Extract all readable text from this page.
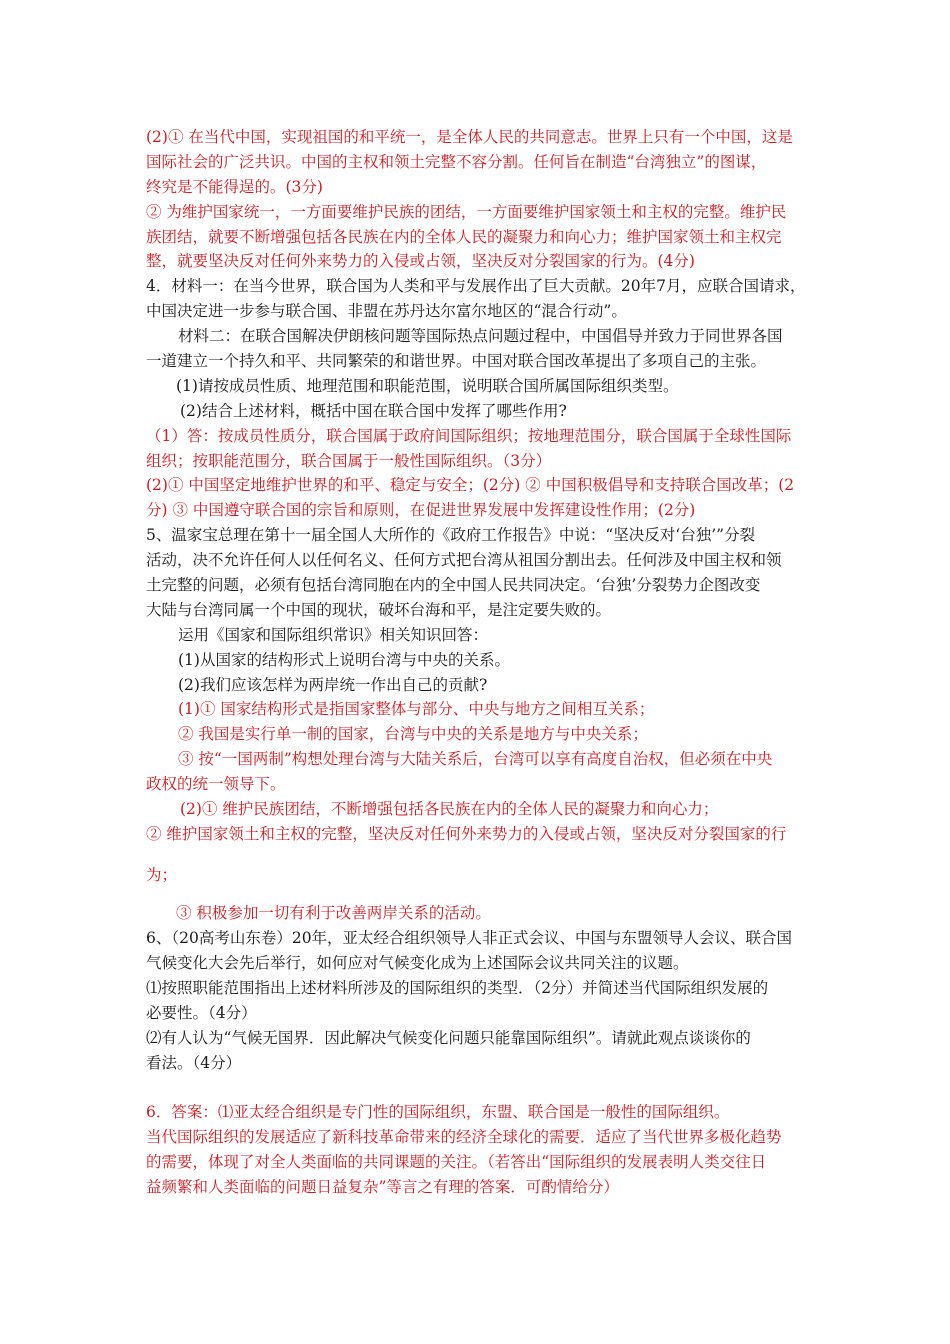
(2)① 在当代中国，实现祖国的和平统一，是全体人民的共同意志。世界上只有一个中国，这是
国际社会的广泛共识。中国的主权和领土完整不容分割。任何旨在制造“台湾独立”的图谋，
终究是不能得逞的。(3分)
② 为维护国家统一，一方面要维护民族的团结，一方面要维护国家领土和主权的完整。维护民
族团结，就要不断增强包括各民族在内的全体人民的凝聚力和向心力；维护国家领土和主权完
整，就要坚决反对任何外来势力的入侵或占领，坚决反对分裂国家的行为。(4分)
4．材料一：在当今世界，联合国为人类和平与发展作出了巨大贡献。20年7月，应联合国请求，
中国决定进一步参与联合国、非盟在苏丹达尔富尔地区的“混合行动”。
材料二：在联合国解决伊朗核问题等国际热点问题过程中，中国倡导并致力于同世界各国
一道建立一个持久和平、共同繁荣的和谐世界。中国对联合国改革提出了多项自己的主张。
(1)请按成员性质、地理范围和职能范围，说明联合国所属国际组织类型。
(2)结合上述材料，概括中国在联合国中发挥了哪些作用?
（1）答：按成员性质分，联合国属于政府间国际组织；按地理范围分，联合国属于全球性国际
组织；按职能范围分，联合国属于一般性国际组织。（3分）
(2)① 中国坚定地维护世界的和平、稳定与安全；(2分) ② 中国积极倡导和支持联合国改革；(2
分) ③ 中国遵守联合国的宗旨和原则，在促进世界发展中发挥建设性作用；(2分)
5、温家宝总理在第十一届全国人大所作的《政府工作报告》中说：“坚决反对‘台独’”分裂
活动，决不允许任何人以任何名义、任何方式把台湾从祖国分割出去。任何涉及中国主权和领
土完整的问题，必须有包括台湾同胞在内的全中国人民共同决定。‘台独’分裂势力企图改变
大陆与台湾同属一个中国的现状，破坏台海和平，是注定要失败的。
运用《国家和国际组织常识》相关知识回答：
(1)从国家的结构形式上说明台湾与中央的关系。
(2)我们应该怎样为两岸统一作出自己的贡献?
(1)① 国家结构形式是指国家整体与部分、中央与地方之间相互关系；
② 我国是实行单一制的国家，台湾与中央的关系是地方与中央关系；
③ 按“一国两制”构想处理台湾与大陆关系后，台湾可以享有高度自治权，但必须在中央
政权的统一领导下。
(2)① 维护民族团结，不断增强包括各民族在内的全体人民的凝聚力和向心力；
② 维护国家领土和主权的完整，坚决反对任何外来势力的入侵或占领，坚决反对分裂国家的行
为；
③ 积极参加一切有利于改善两岸关系的活动。
6、（20高考山东卷）20年，亚太经合组织领导人非正式会议、中国与东盟领导人会议、联合国
气候变化大会先后举行，如何应对气候变化成为上述国际会议共同关注的议题。
⑴按照职能范围指出上述材料所涉及的国际组织的类型．（2分）并简述当代国际组织发展的
必要性。（4分）
⑵有人认为“气候无国界．因此解决气候变化问题只能靠国际组织”。请就此观点谈谈你的
看法。（4分）
6．答案：⑴亚太经合组织是专门性的国际组织，东盟、联合国是一般性的国际组织。
当代国际组织的发展适应了新科技革命带来的经济全球化的需要．适应了当代世界多极化趋势
的需要，体现了对全人类面临的共同课题的关注。（若答出“国际组织的发展表明人类交往日
益频繁和人类面临的问题日益复杂”等言之有理的答案．可酌情给分）
